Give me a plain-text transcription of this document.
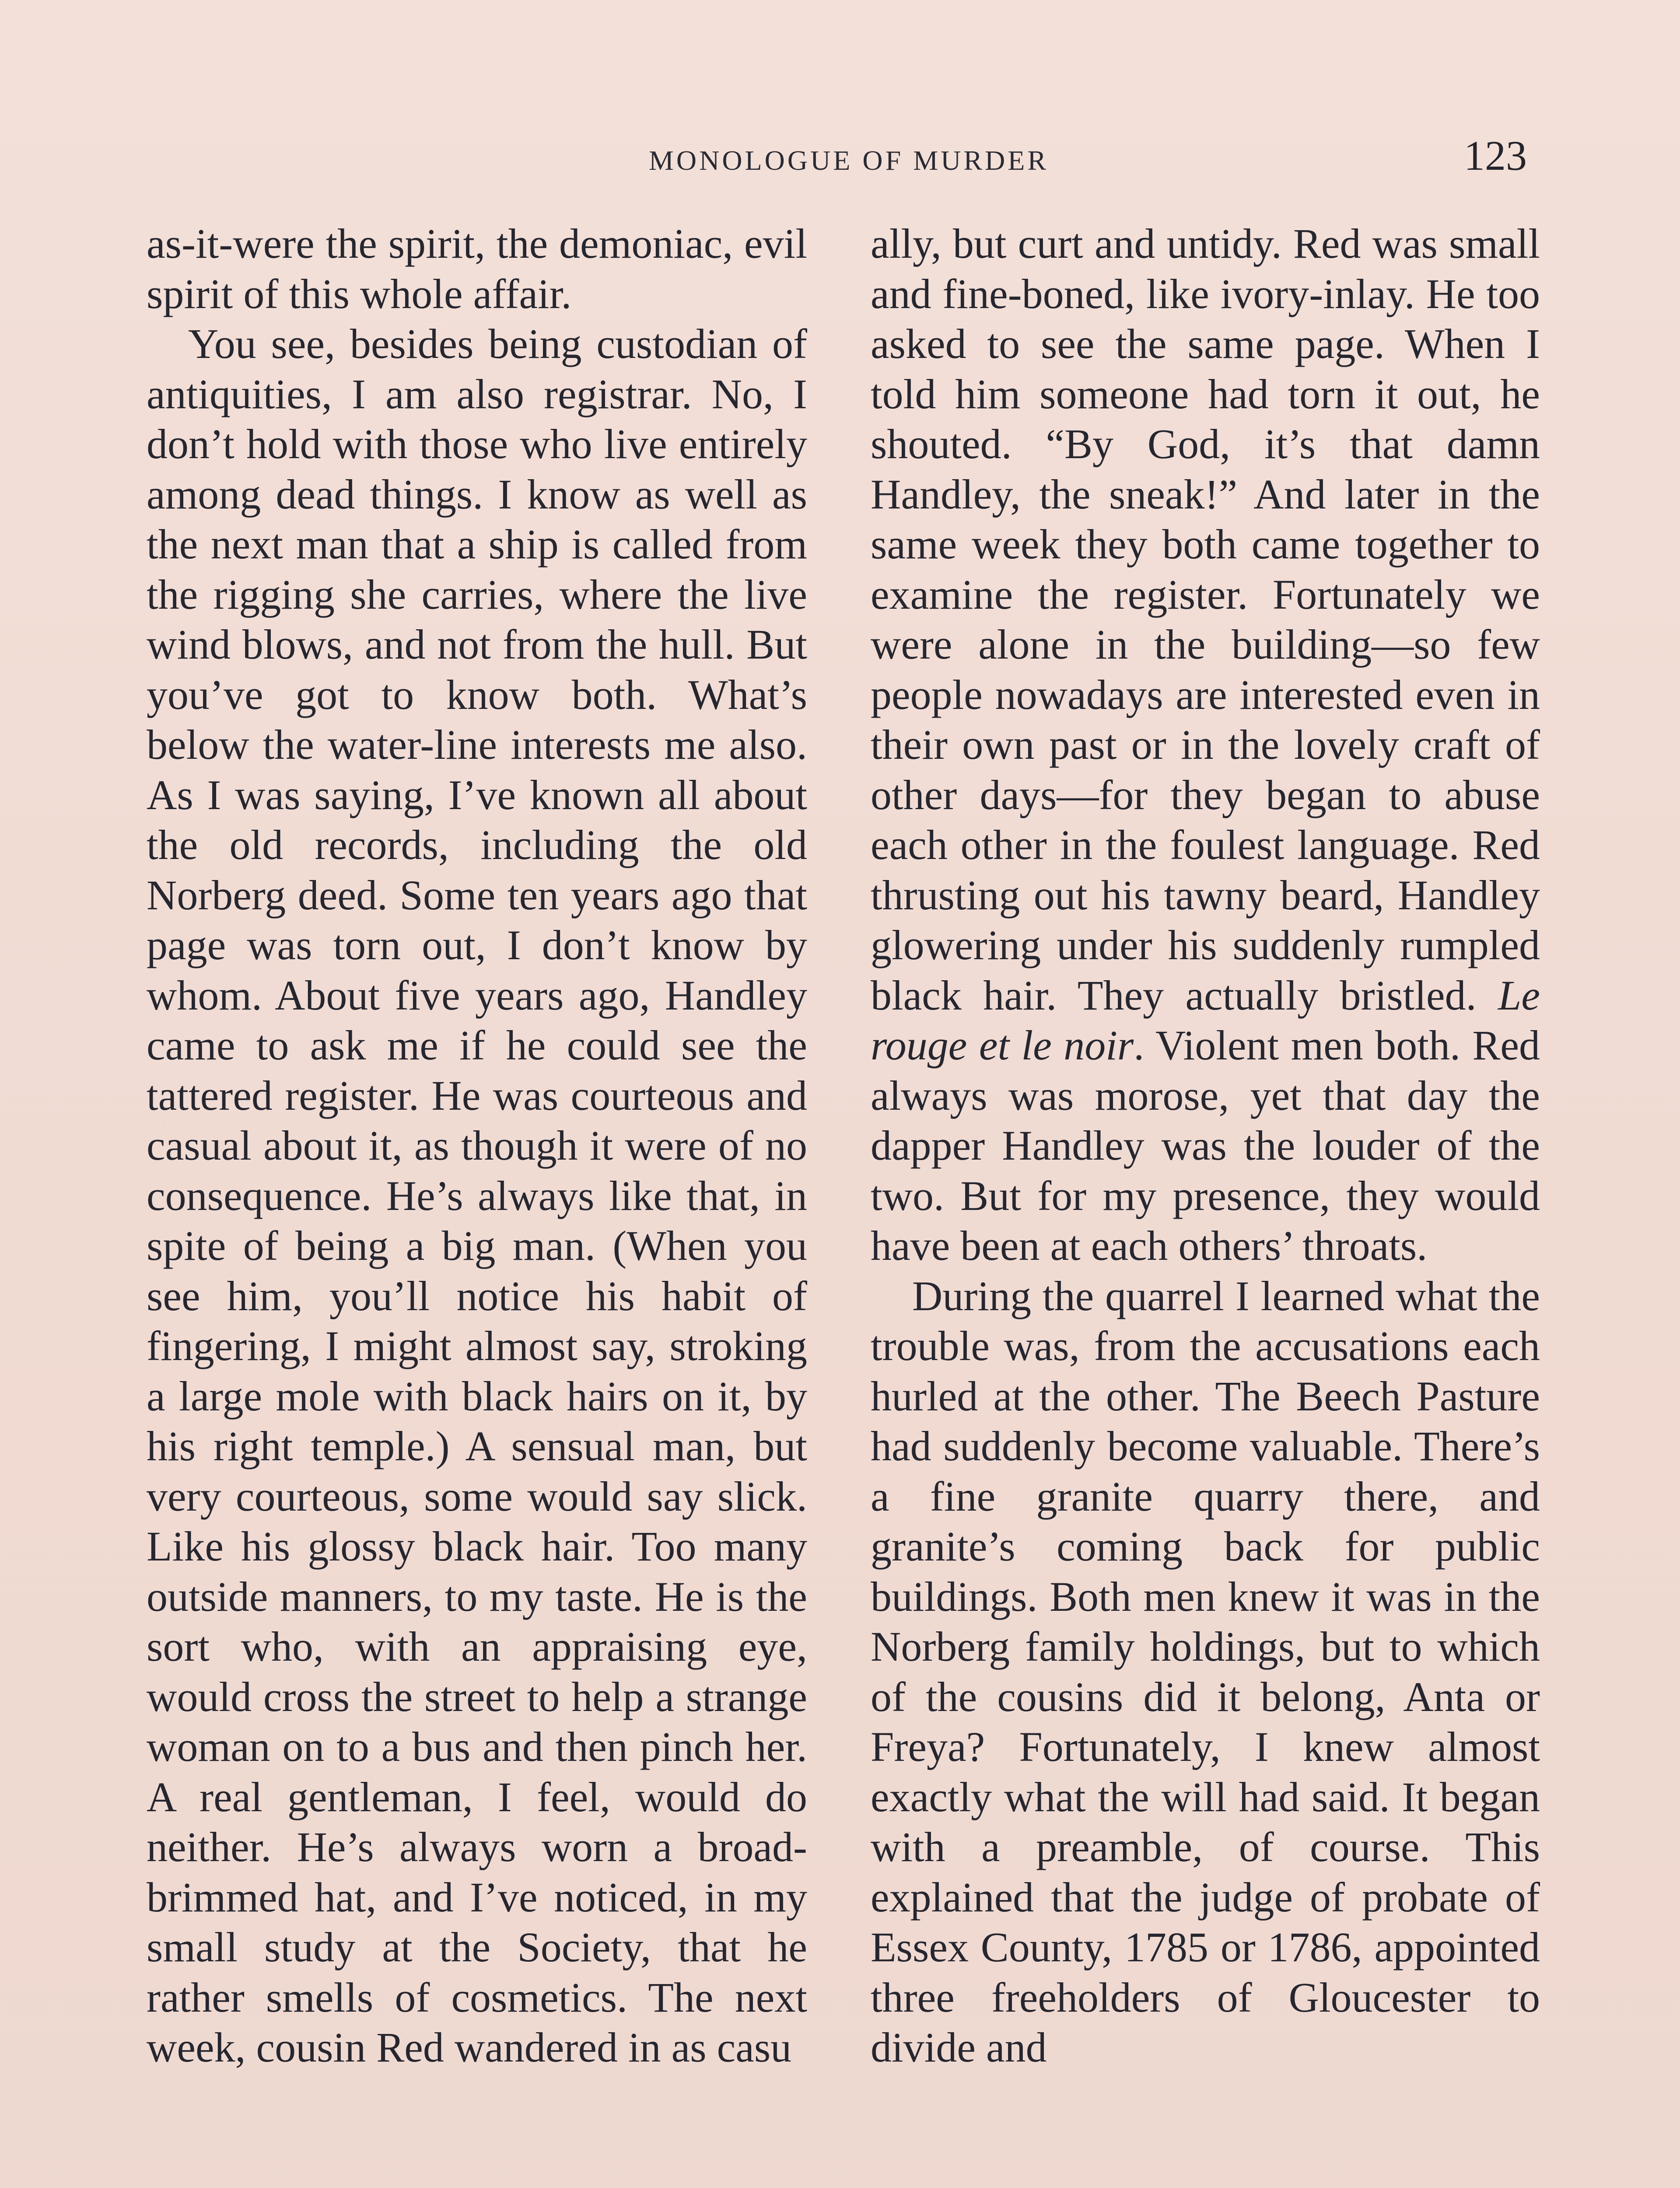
MONOLOGUE OF MURDER	123

as-it-were the spirit, the demoniac, evil spirit of this whole affair.

You see, besides being custodian of antiquities, I am also registrar. No, I don’t hold with those who live entirely among dead things. I know as well as the next man that a ship is called from the rigging she carries, where the live wind blows, and not from the hull. But you’ve got to know both. What’s below the water-line interests me also. As I was saying, I’ve known all about the old records, including the old Norberg deed. Some ten years ago that page was torn out, I don’t know by whom. About five years ago, Handley came to ask me if he could see the tattered register. He was courteous and casual about it, as though it were of no consequence. He’s always like that, in spite of being a big man. (When you see him, you’ll notice his habit of fingering, I might almost say, stroking a large mole with black hairs on it, by his right temple.) A sensual man, but very courteous, some would say slick. Like his glossy black hair. Too many outside manners, to my taste. He is the sort who, with an appraising eye, would cross the street to help a strange woman on to a bus and then pinch her. A real gentleman, I feel, would do neither. He’s always worn a broad-brimmed hat, and I’ve noticed, in my small study at the Society, that he rather smells of cosmetics. The next week, cousin Red wandered in as casu

ally, but curt and untidy. Red was small and fine-boned, like ivory-inlay. He too asked to see the same page. When I told him someone had torn it out, he shouted. “By God, it’s that damn Handley, the sneak!” And later in the same week they both came together to examine the register. Fortunately we were alone in the building—so few people nowadays are interested even in their own past or in the lovely craft of other days—for they began to abuse each other in the foulest language. Red thrusting out his tawny beard, Handley glowering under his suddenly rumpled black hair. They actually bristled. Le rouge et le noir. Violent men both. Red always was morose, yet that day the dapper Handley was the louder of the two. But for my presence, they would have been at each others’ throats.

During the quarrel I learned what the trouble was, from the accusations each hurled at the other. The Beech Pasture had suddenly become valuable. There’s a fine granite quarry there, and granite’s coming back for public buildings. Both men knew it was in the Norberg family holdings, but to which of the cousins did it belong, Anta or Freya? Fortunately, I knew almost exactly what the will had said. It began with a preamble, of course. This explained that the judge of probate of Essex County, 1785 or 1786, appointed three freeholders of Gloucester to divide and
